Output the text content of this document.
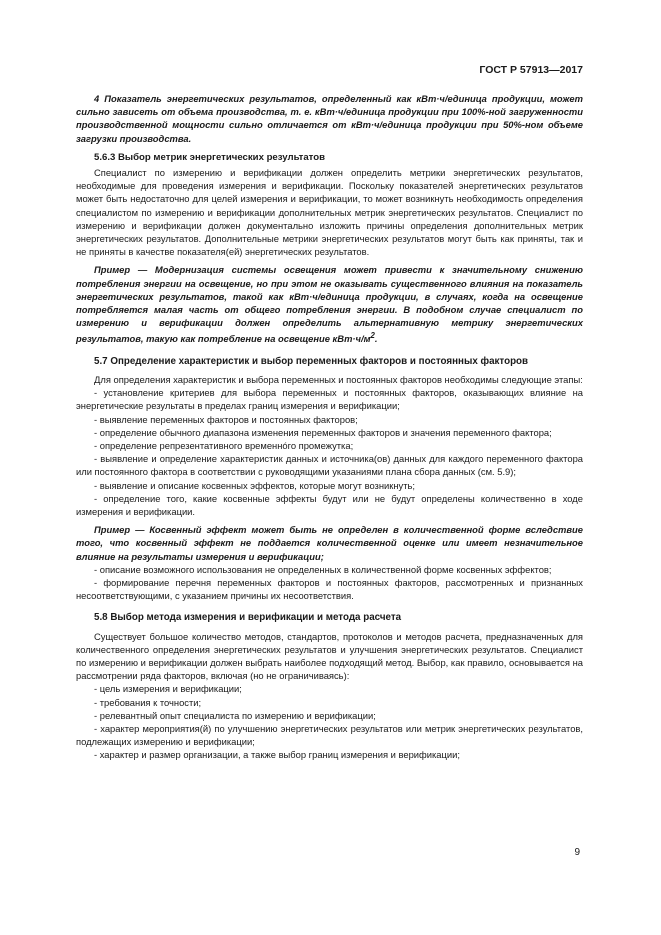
ГОСТ Р 57913—2017

4 Показатель энергетических результатов, определенный как кВт·ч/единица продукции, может сильно зависеть от объема производства, т. е. кВт·ч/единица продукции при 100%-ной загруженности производственной мощности сильно отличается от кВт·ч/единица продукции при 50%-ном объеме загрузки производства.

5.6.3 Выбор метрик энергетических результатов

Специалист по измерению и верификации должен определить метрики энергетических результатов, необходимые для проведения измерения и верификации. Поскольку показателей энергетических результатов может быть недостаточно для целей измерения и верификации, то может возникнуть необходимость определения специалистом по измерению и верификации дополнительных метрик энергетических результатов. Специалист по измерению и верификации должен документально изложить причины определения дополнительных метрик энергетических результатов. Дополнительные метрики энергетических результатов могут быть как приняты, так и не приняты в качестве показателя(ей) энергетических результатов.

Пример — Модернизация системы освещения может привести к значительному снижению потребления энергии на освещение, но при этом не оказывать существенного влияния на показатель энергетических результатов, такой как кВт·ч/единица продукции, в случаях, когда на освещение потребляется малая часть от общего потребления энергии. В подобном случае специалист по измерению и верификации должен определить альтернативную метрику энергетических результатов, такую как потребление на освещение $кВт\cdot ч/м^2$.

5.7 Определение характеристик и выбор переменных факторов и постоянных факторов

Для определения характеристик и выбора переменных и постоянных факторов необходимы следующие этапы:

- установление критериев для выбора переменных и постоянных факторов, оказывающих влияние на энергетические результаты в пределах границ измерения и верификации;

- выявление переменных факторов и постоянных факторов;

- определение обычного диапазона изменения переменных факторов и значения переменного фактора;

- определение репрезентативного временнóго промежутка;

- выявление и определение характеристик данных и источника(ов) данных для каждого переменного фактора или постоянного фактора в соответствии с руководящими указаниями плана сбора данных (см. 5.9);

- выявление и описание косвенных эффектов, которые могут возникнуть;

- определение того, какие косвенные эффекты будут или не будут определены количественно в ходе измерения и верификации.

Пример — Косвенный эффект может быть не определен в количественной форме вследствие того, что косвенный эффект не поддается количественной оценке или имеет незначительное влияние на результаты измерения и верификации;

- описание возможного использования не определенных в количественной форме косвенных эффектов;

- формирование перечня переменных факторов и постоянных факторов, рассмотренных и признанных несоответствующими, с указанием причины их несоответствия.

5.8 Выбор метода измерения и верификации и метода расчета

Существует большое количество методов, стандартов, протоколов и методов расчета, предназначенных для количественного определения энергетических результатов и улучшения энергетических результатов. Специалист по измерению и верификации должен выбрать наиболее подходящий метод. Выбор, как правило, основывается на рассмотрении ряда факторов, включая (но не ограничиваясь):

- цель измерения и верификации;

- требования к точности;

- релевантный опыт специалиста по измерению и верификации;

- характер мероприятия(й) по улучшению энергетических результатов или метрик энергетических результатов, подлежащих измерению и верификации;

- характер и размер организации, а также выбор границ измерения и верификации;

9
